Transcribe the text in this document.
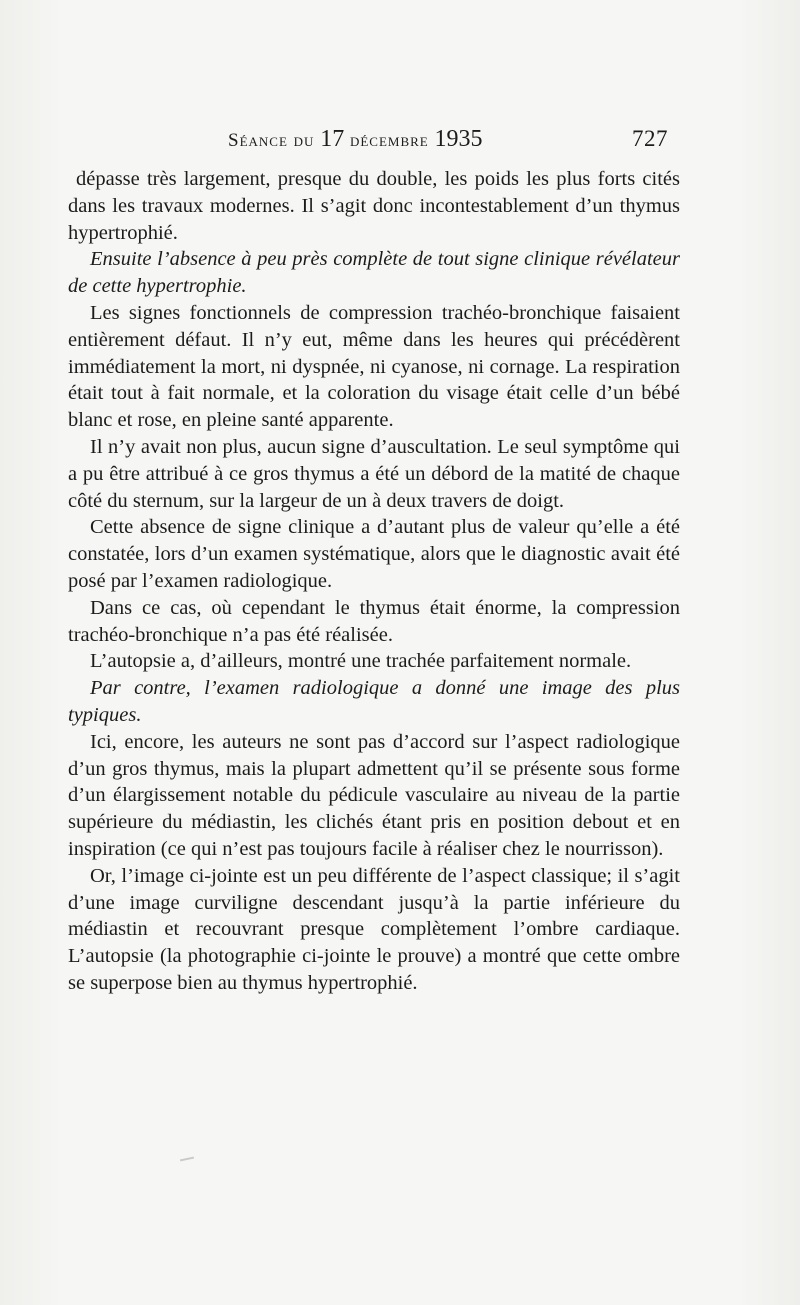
Séance du 17 décembre 1935	727

dépasse très largement, presque du double, les poids les plus forts cités dans les travaux modernes. Il s’agit donc incontestablement d’un thymus hypertrophié.

Ensuite l’absence à peu près complète de tout signe clinique révélateur de cette hypertrophie.

Les signes fonctionnels de compression trachéo-bronchique faisaient entièrement défaut. Il n’y eut, même dans les heures qui précédèrent immédiatement la mort, ni dyspnée, ni cyanose, ni cornage. La respiration était tout à fait normale, et la coloration du visage était celle d’un bébé blanc et rose, en pleine santé apparente.

Il n’y avait non plus, aucun signe d’auscultation. Le seul symptôme qui a pu être attribué à ce gros thymus a été un débord de la matité de chaque côté du sternum, sur la largeur de un à deux travers de doigt.

Cette absence de signe clinique a d’autant plus de valeur qu’elle a été constatée, lors d’un examen systématique, alors que le diagnostic avait été posé par l’examen radiologique.

Dans ce cas, où cependant le thymus était énorme, la compression trachéo-bronchique n’a pas été réalisée.

L’autopsie a, d’ailleurs, montré une trachée parfaitement normale.

Par contre, l’examen radiologique a donné une image des plus typiques.

Ici, encore, les auteurs ne sont pas d’accord sur l’aspect radiologique d’un gros thymus, mais la plupart admettent qu’il se présente sous forme d’un élargissement notable du pédicule vasculaire au niveau de la partie supérieure du médiastin, les clichés étant pris en position debout et en inspiration (ce qui n’est pas toujours facile à réaliser chez le nourrisson).

Or, l’image ci-jointe est un peu différente de l’aspect classique; il s’agit d’une image curviligne descendant jusqu’à la partie inférieure du médiastin et recouvrant presque complètement l’ombre cardiaque. L’autopsie (la photographie ci-jointe le prouve) a montré que cette ombre se superpose bien au thymus hypertrophié.
